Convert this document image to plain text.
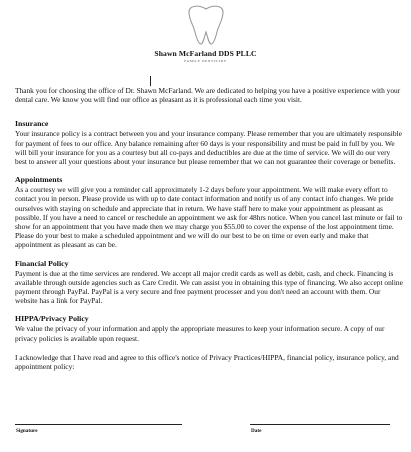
Shawn McFarland DDS PLLC
FAMILY DENTISTRY

Thank you for choosing the office of Dr. Shawn McFarland. We are dedicated to helping you have a positive experience with your dental care. We know you will find our office as pleasant as it is professional each time you visit.

Insurance

Your insurance policy is a contract between you and your insurance company. Please remember that you are ultimately responsible for payment of fees to our office. Any balance remaining after 60 days is your responsibility and must be paid in full by you. We will bill your insurance for you as a courtesy but all co-pays and deductibles are due at the time of service. We will do our very best to answer all your questions about your insurance but please remember that we can not guarantee their coverage or benefits.

Appointments

As a courtesy we will give you a reminder call approximately 1-2 days before your appointment. We will make every effort to contact you in person. Please provide us with up to date contact information and notify us of any contact info changes. We pride ourselves with staying on schedule and appreciate that in return. We have staff here to make your appointment as pleasant as possible. If you have a need to cancel or reschedule an appointment we ask for 48hrs notice. When you cancel last minute or fail to show for an appointment that you have made then we may charge you $55.00 to cover the expense of the lost appointment time. Please do your best to make a scheduled appointment and we will do our best to be on time or even early and make that appointment as pleasant as can be.

Financial Policy

Payment is due at the time services are rendered. We accept all major credit cards as well as debit, cash, and check. Financing is available through outside agencies such as Care Credit. We can assist you in obtaining this type of financing. We also accept online payment through PayPal. PayPal is a very secure and free payment processer and you don't need an account with them. Our website has a link for PayPal.

HIPPA/Privacy Policy

We value the privacy of your information and apply the appropriate measures to keep your information secure. A copy of our privacy policies is available upon request.

I acknowledge that I have read and agree to this office's notice of Privacy Practices/HIPPA, financial policy, insurance policy, and appointment policy:

Signature	Date
